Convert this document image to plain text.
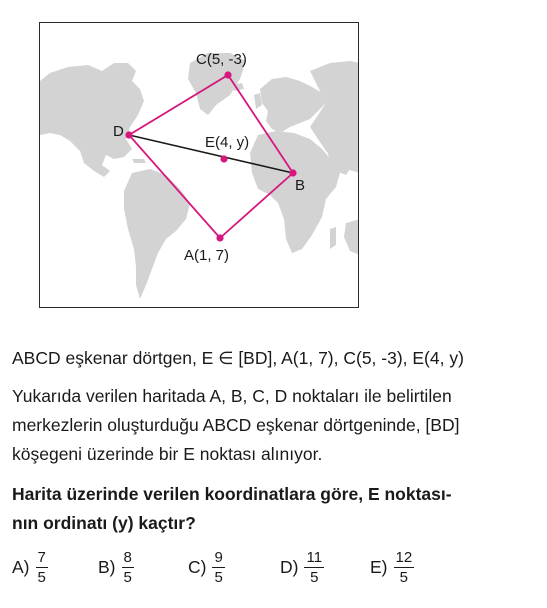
C(5, -3)
D
E(4, y)
B
A(1, 7)
ABCD eşkenar dörtgen, E ∈ [BD], A(1, 7), C(5, -3), E(4, y)
Yukarıda verilen haritada A, B, C, D noktaları ile belirtilen
merkezlerin oluşturduğu ABCD eşkenar dörtgeninde, [BD]
köşegeni üzerinde bir E noktası alınıyor.
Harita üzerinde verilen koordinatlara göre, E noktası-
nın ordinatı (y) kaçtır?
$A) \frac{7}{5}$	$B) \frac{8}{5}$	$C) \frac{9}{5}$	$D) \frac{11}{5}$	$E) \frac{12}{5}$
